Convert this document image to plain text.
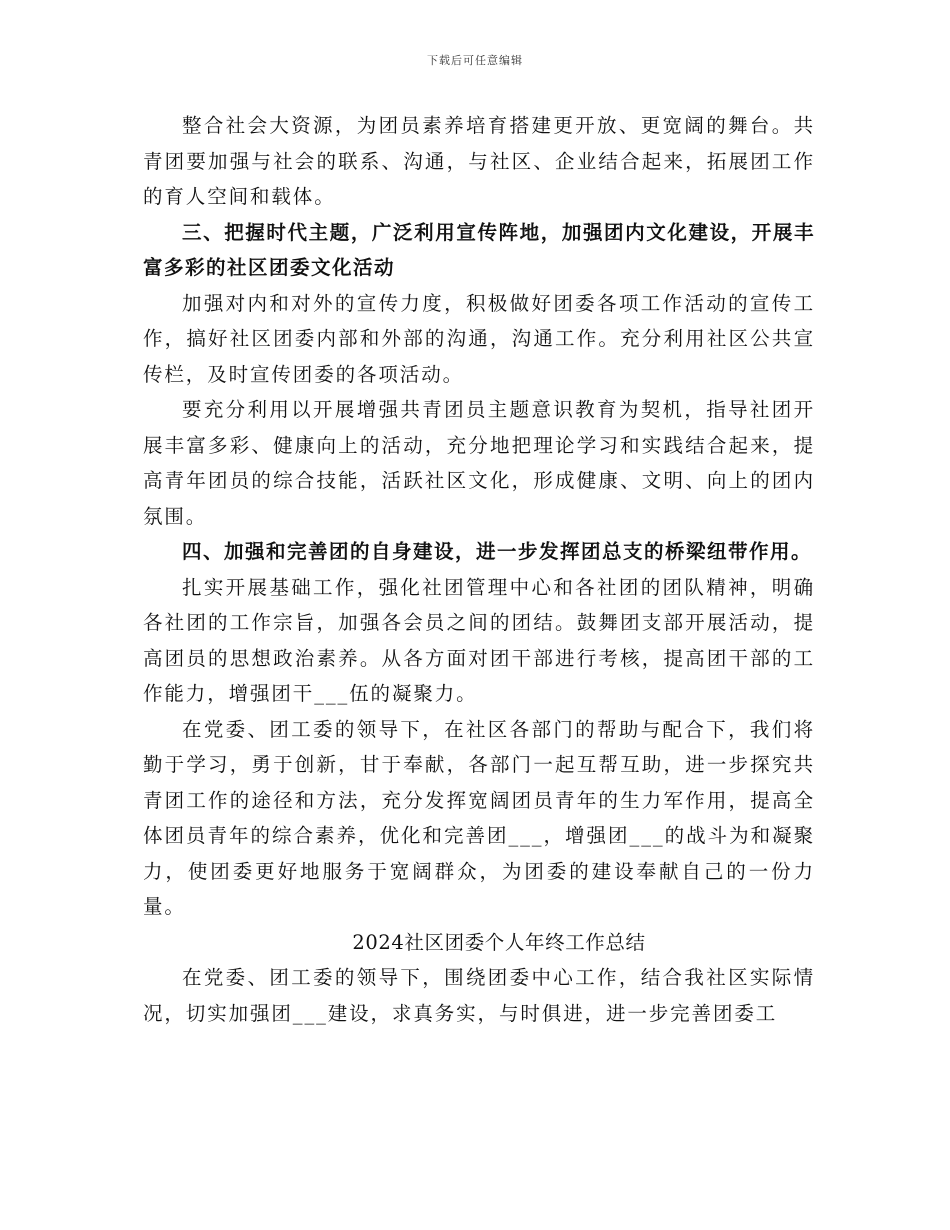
下载后可任意编辑

整合社会大资源，为团员素养培育搭建更开放、更宽阔的舞台。共青团要加强与社会的联系、沟通，与社区、企业结合起来，拓展团工作的育人空间和载体。

三、把握时代主题，广泛利用宣传阵地，加强团内文化建设，开展丰富多彩的社区团委文化活动

加强对内和对外的宣传力度，积极做好团委各项工作活动的宣传工作，搞好社区团委内部和外部的沟通，沟通工作。充分利用社区公共宣传栏，及时宣传团委的各项活动。

要充分利用以开展增强共青团员主题意识教育为契机，指导社团开展丰富多彩、健康向上的活动，充分地把理论学习和实践结合起来，提高青年团员的综合技能，活跃社区文化，形成健康、文明、向上的团内氛围。

四、加强和完善团的自身建设，进一步发挥团总支的桥梁纽带作用。

扎实开展基础工作，强化社团管理中心和各社团的团队精神，明确各社团的工作宗旨，加强各会员之间的团结。鼓舞团支部开展活动，提高团员的思想政治素养。从各方面对团干部进行考核，提高团干部的工作能力，增强团干___伍的凝聚力。

在党委、团工委的领导下，在社区各部门的帮助与配合下，我们将勤于学习，勇于创新，甘于奉献，各部门一起互帮互助，进一步探究共青团工作的途径和方法，充分发挥宽阔团员青年的生力军作用，提高全体团员青年的综合素养，优化和完善团___，增强团___的战斗为和凝聚力，使团委更好地服务于宽阔群众，为团委的建设奉献自己的一份力量。

2024社区团委个人年终工作总结

在党委、团工委的领导下，围绕团委中心工作，结合我社区实际情况，切实加强团___建设，求真务实，与时俱进，进一步完善团委工
